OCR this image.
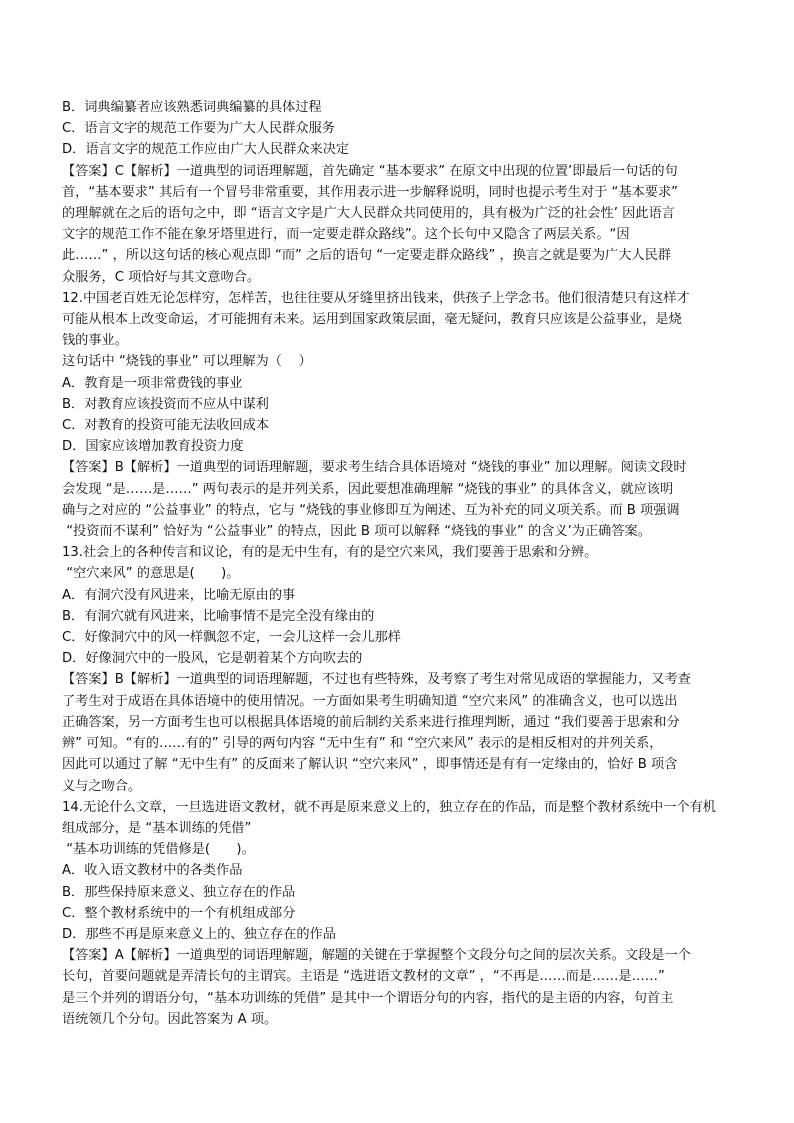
B．词典编纂者应该熟悉词典编纂的具体过程
C．语言文字的规范工作要为广大人民群众服务
D．语言文字的规范工作应由广大人民群众来决定
【答案】C【解析】一道典型的词语理解题，首先确定 “基本要求” 在原文中出现的位置’即最后一句话的句
首，“基本要求” 其后有一个冒号非常重要，其作用表示进一步解释说明，同时也提示考生对于 “基本要求”
的理解就在之后的语句之中，即 “语言文字是广大人民群众共同使用的，具有极为广泛的社会性’ 因此语言
文字的规范工作不能在象牙塔里进行，而一定要走群众路线”。这个长句中又隐含了两层关系。“因
此……” ，所以这句话的核心观点即 “而” 之后的语句 “一定要走群众路线” ，换言之就是要为广大人民群
众服务，C 项恰好与其文意吻合。
12.中国老百姓无论怎样穷，怎样苦，也往往要从牙缝里挤出钱来，供孩子上学念书。他们很清楚只有这样才
可能从根本上改变命运，才可能拥有未来。运用到国家政策层面，毫无疑问，教育只应该是公益事业，是烧
钱的事业。
这句话中 “烧钱的事业” 可以理解为（    ）
A．教育是一项非常费钱的事业
B．对教育应该投资而不应从中谋利
C．对教育的投资可能无法收回成本
D．国家应该增加教育投资力度
【答案】B【解析】一道典型的词语理解题，要求考生结合具体语境对 “烧钱的事业” 加以理解。阅读文段时
会发现 “是……是……” 两句表示的是并列关系，因此要想准确理解 “烧钱的事业” 的具体含义，就应该明
确与之对应的 “公益事业” 的特点，它与 “烧钱的事业修即互为阐述、互为补充的同义项关系。而 B 项强调
“投资而不谋利” 恰好为 “公益事业” 的特点，因此 B 项可以解释 “烧钱的事业” 的含义’为正确答案。
13.社会上的各种传言和议论，有的是无中生有，有的是空穴来风，我们要善于思索和分辨。
“空穴来风” 的意思是(　　)。
A．有洞穴没有风进来，比喻无原由的事
B．有洞穴就有风进来，比喻事情不是完全没有缘由的
C．好像洞穴中的风一样飘忽不定，一会儿这样一会儿那样
D．好像洞穴中的一股风，它是朝着某个方向吹去的
【答案】B【解析】一道典型的词语理解题，不过也有些特殊，及考察了考生对常见成语的掌握能力，又考查
了考生对于成语在具体语境中的使用情况。一方面如果考生明确知道 “空穴来风” 的准确含义，也可以选出
正确答案，另一方面考生也可以根据具体语境的前后制约关系来进行推理判断，通过 “我们要善于思索和分
辨” 可知。“有的……有的” 引导的两句内容 “无中生有” 和 “空穴来风” 表示的是相反相对的并列关系，
因此可以通过了解 “无中生有” 的反面来了解认识 “空穴来风” ，即事情还是有有一定缘由的，恰好 B 项含
义与之吻合。
14.无论什么文章，一旦选进语文教材，就不再是原来意义上的，独立存在的作品，而是整个教材系统中一个有机
组成部分，是 “基本训练的凭借”
“基本功训练的凭借修是(　　)。
A．收入语文教材中的各类作品
B．那些保持原来意义、独立存在的作品
C．整个教材系统中的一个有机组成部分
D．那些不再是原来意义上的、独立存在的作品
【答案】A【解析】一道典型的词语理解题，解题的关键在于掌握整个文段分句之间的层次关系。文段是一个
长句，首要问题就是弄清长句的主谓宾。主语是 “选进语文教材的文章” ，“不再是……而是……是……”
是三个并列的谓语分句，“基本功训练的凭借” 是其中一个谓语分句的内容，指代的是主语的内容，句首主
语统领几个分句。因此答案为 A 项。
